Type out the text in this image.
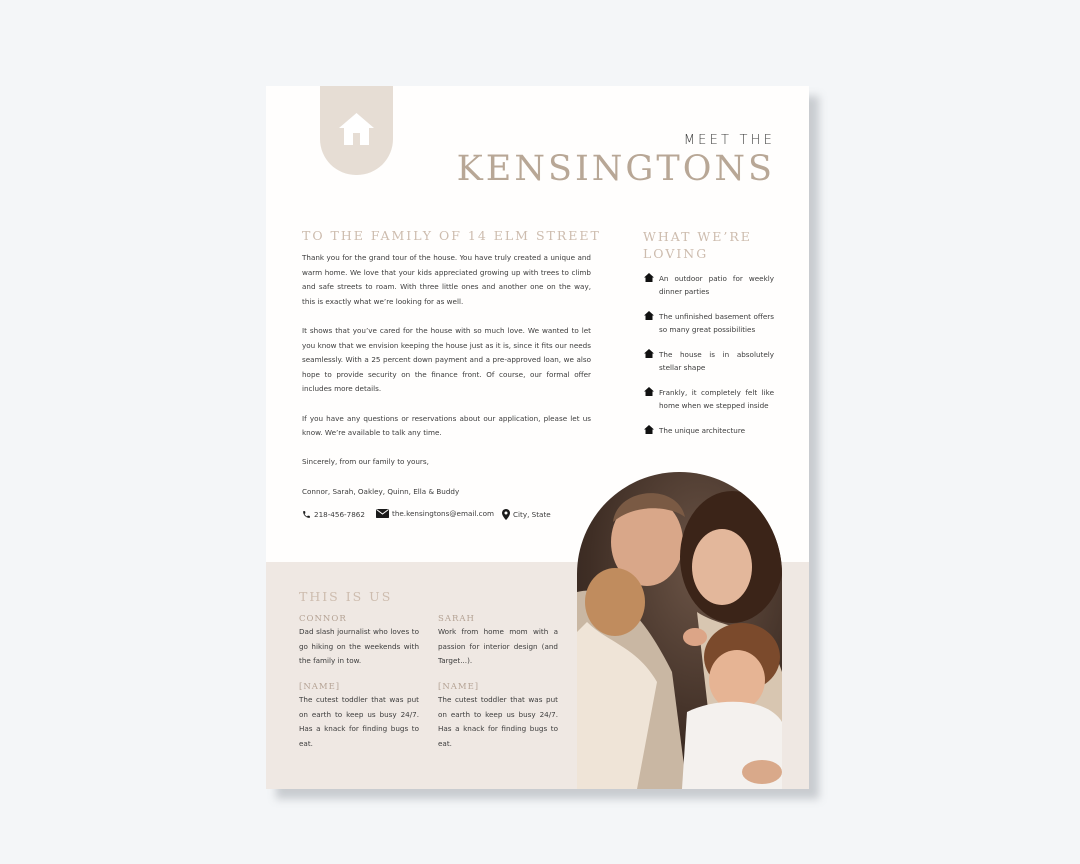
MEET THE
KENSINGTONS
TO THE FAMILY OF 14 ELM STREET

Thank you for the grand tour of the house. You have truly created a unique and warm home. We love that your kids appreciated growing up with trees to climb and safe streets to roam. With three little ones and another one on the way, this is exactly what we’re looking for as well.

It shows that you’ve cared for the house with so much love. We wanted to let you know that we envision keeping the house just as it is, since it fits our needs seamlessly. With a 25 percent down payment and a pre-approved loan, we also hope to provide security on the finance front. Of course, our formal offer includes more details.

If you have any questions or reservations about our application, please let us know. We’re available to talk any time.

Sincerely, from our family to yours,

Connor, Sarah, Oakley, Quinn, Ella & Buddy

218-456-7862	the.kensingtons@email.com	City, State
WHAT WE’RE LOVING
An outdoor patio for weekly dinner parties
The unfinished basement offers so many great possibilities
The house is in absolutely stellar shape
Frankly, it completely felt like home when we stepped inside
The unique architecture
THIS IS US
CONNOR
Dad slash journalist who loves to go hiking on the weekends with the family in tow.
SARAH
Work from home mom with a passion for interior design (and Target...).
[NAME]
The cutest toddler that was put on earth to keep us busy 24/7. Has a knack for finding bugs to eat.
[NAME]
The cutest toddler that was put on earth to keep us busy 24/7. Has a knack for finding bugs to eat.
